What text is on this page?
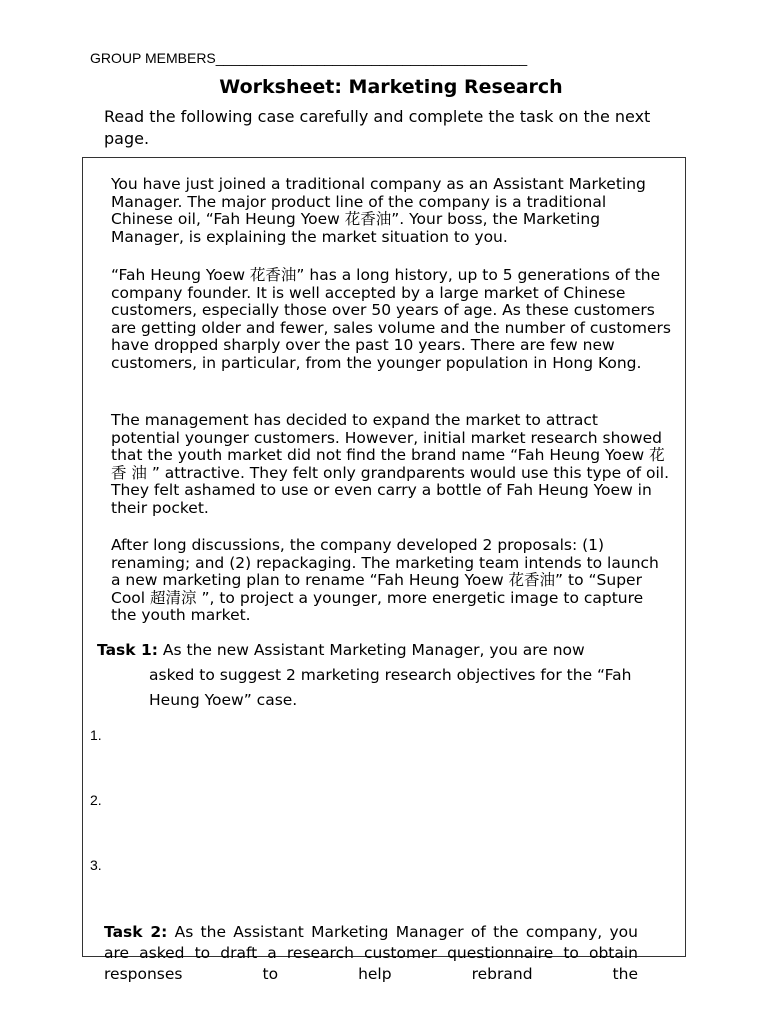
GROUP MEMBERS________________________________________
Worksheet: Marketing Research
Read the following case carefully and complete the task on the next page.

You have just joined a traditional company as an Assistant Marketing Manager. The major product line of the company is a traditional Chinese oil, “Fah Heung Yoew 花香油”. Your boss, the Marketing Manager, is explaining the market situation to you.

“Fah Heung Yoew 花香油” has a long history, up to 5 generations of the company founder. It is well accepted by a large market of Chinese customers, especially those over 50 years of age. As these customers are getting older and fewer, sales volume and the number of customers have dropped sharply over the past 10 years. There are few new customers, in particular, from the younger population in Hong Kong.

The management has decided to expand the market to attract potential younger customers. However, initial market research showed that the youth market did not find the brand name “Fah Heung Yoew 花 香 油 ” attractive. They felt only grandparents would use this type of oil. They felt ashamed to use or even carry a bottle of Fah Heung Yoew in their pocket.

After long discussions, the company developed 2 proposals: (1) renaming; and (2) repackaging. The marketing team intends to launch a new marketing plan to rename “Fah Heung Yoew 花香油” to “Super Cool 超清涼 ”, to project a younger, more energetic image to capture the youth market.

Task 1: As the new Assistant Marketing Manager, you are now
asked to suggest 2 marketing research objectives for the “Fah Heung Yoew” case.
1.
2.
3.
Task 2: As the Assistant Marketing Manager of the company, you are asked to draft a research customer questionnaire to obtain responses to help rebrand the
